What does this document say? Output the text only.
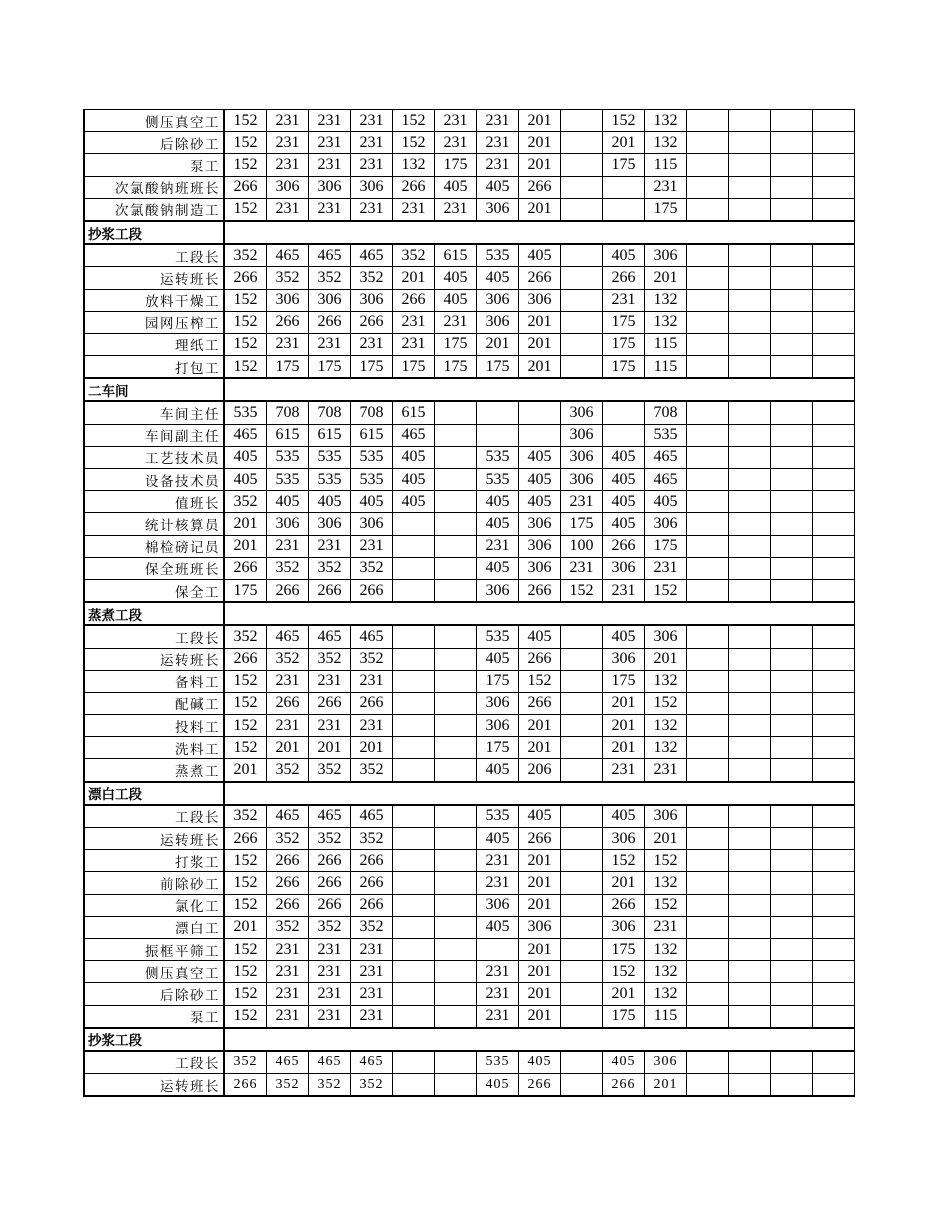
侧压真空工	152	231	231	231	152	231	231	201		152	132				
后除砂工	152	231	231	231	152	231	231	201		201	132				
泵工	152	231	231	231	132	175	231	201		175	115				
次氯酸钠班班长	266	306	306	306	266	405	405	266			231				
次氯酸钠制造工	152	231	231	231	231	231	306	201			175				
抄浆工段															
工段长	352	465	465	465	352	615	535	405		405	306				
运转班长	266	352	352	352	201	405	405	266		266	201				
放料干燥工	152	306	306	306	266	405	306	306		231	132				
园网压榨工	152	266	266	266	231	231	306	201		175	132				
理纸工	152	231	231	231	231	175	201	201		175	115				
打包工	152	175	175	175	175	175	175	201		175	115				
二车间															
车间主任	535	708	708	708	615				306		708				
车间副主任	465	615	615	615	465				306		535				
工艺技术员	405	535	535	535	405		535	405	306	405	465				
设备技术员	405	535	535	535	405		535	405	306	405	465				
值班长	352	405	405	405	405		405	405	231	405	405				
统计核算员	201	306	306	306			405	306	175	405	306				
棉检磅记员	201	231	231	231			231	306	100	266	175				
保全班班长	266	352	352	352			405	306	231	306	231				
保全工	175	266	266	266			306	266	152	231	152				
蒸煮工段															
工段长	352	465	465	465			535	405		405	306				
运转班长	266	352	352	352			405	266		306	201				
备料工	152	231	231	231			175	152		175	132				
配碱工	152	266	266	266			306	266		201	152				
投料工	152	231	231	231			306	201		201	132				
洗料工	152	201	201	201			175	201		201	132				
蒸煮工	201	352	352	352			405	206		231	231				
漂白工段															
工段长	352	465	465	465			535	405		405	306				
运转班长	266	352	352	352			405	266		306	201				
打浆工	152	266	266	266			231	201		152	152				
前除砂工	152	266	266	266			231	201		201	132				
氯化工	152	266	266	266			306	201		266	152				
漂白工	201	352	352	352			405	306		306	231				
振框平筛工	152	231	231	231				201		175	132				
侧压真空工	152	231	231	231			231	201		152	132				
后除砂工	152	231	231	231			231	201		201	132				
泵工	152	231	231	231			231	201		175	115				
抄浆工段															
工段长	352	465	465	465			535	405		405	306				
运转班长	266	352	352	352			405	266		266	201				
